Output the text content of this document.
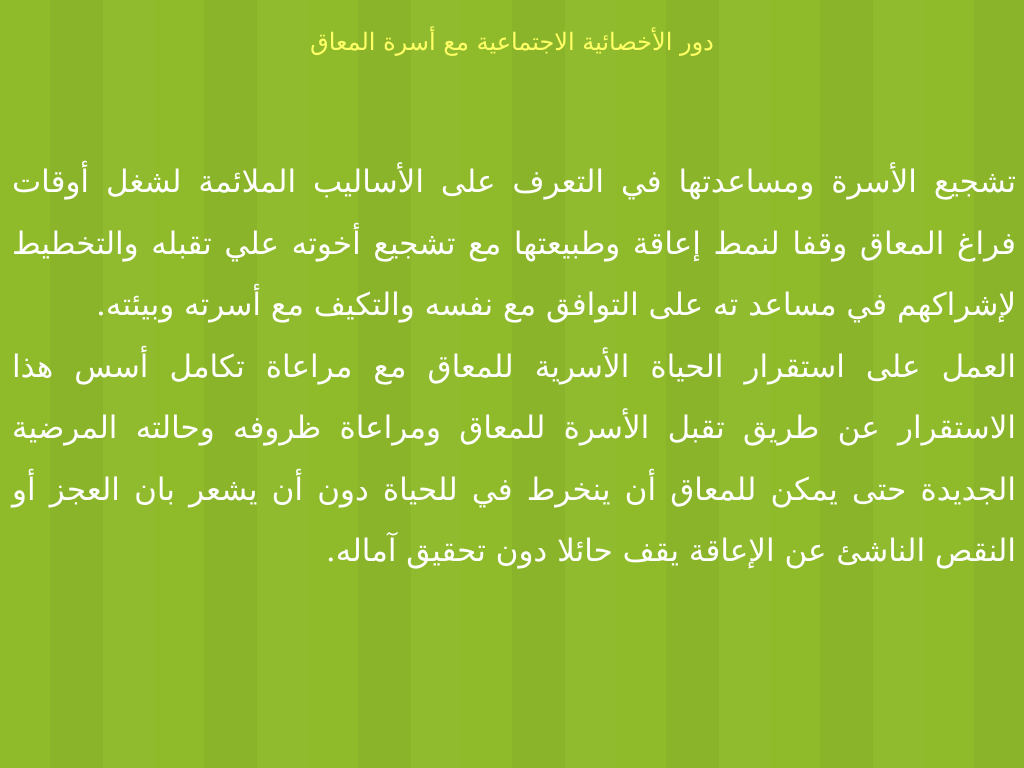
دور الأخصائية الاجتماعية مع أسرة المعاق

تشجيع الأسرة ومساعدتها في التعرف على الأساليب الملائمة لشغل أوقات فراغ المعاق وقفا لنمط إعاقة وطبيعتها مع تشجيع أخوته علي تقبله والتخطيط لإشراكهم في مساعد ته على التوافق مع نفسه والتكيف مع أسرته وبيئته.

العمل على استقرار الحياة الأسرية للمعاق مع مراعاة تكامل أسس هذا الاستقرار عن طريق تقبل الأسرة للمعاق ومراعاة ظروفه وحالته المرضية الجديدة حتى يمكن للمعاق أن ينخرط في للحياة دون أن يشعر بان العجز أو النقص الناشئ عن الإعاقة يقف حائلا دون تحقيق آماله.
